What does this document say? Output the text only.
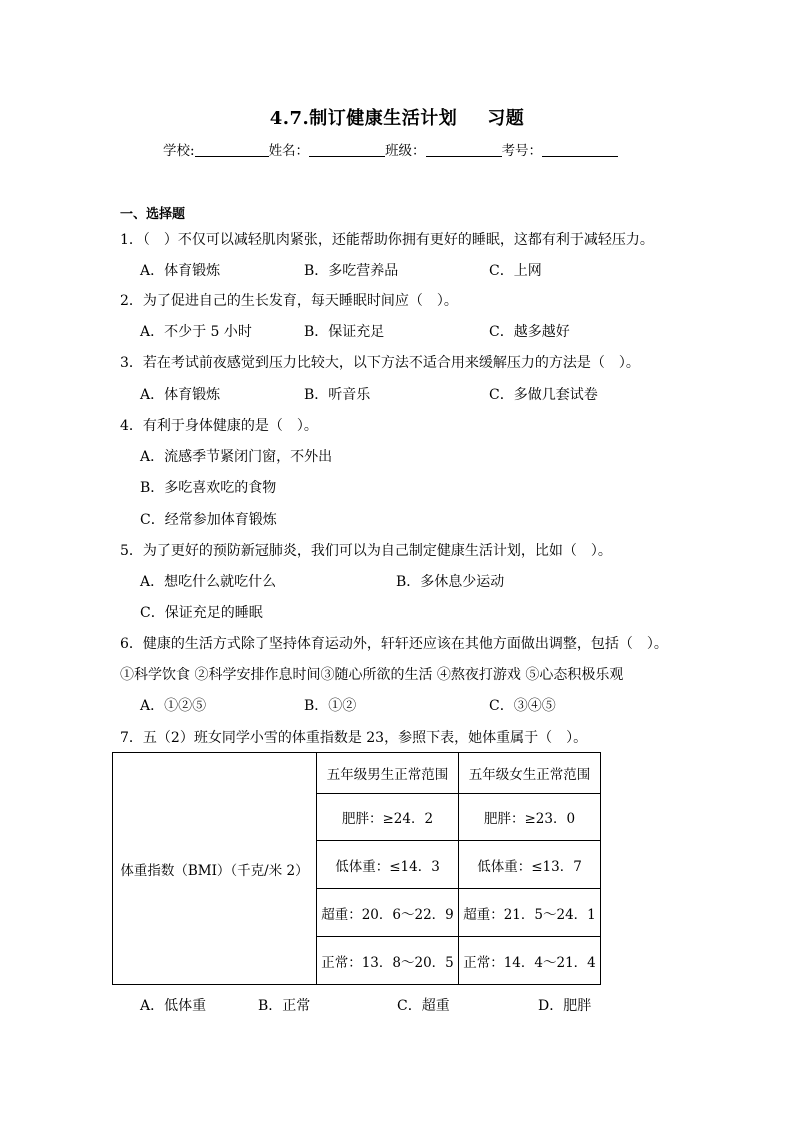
4.7.制订健康生活计划 习题
学校:	姓名：	班级：	考号：
一、选择题
1．（　）不仅可以减轻肌肉紧张，还能帮助你拥有更好的睡眠，这都有利于减轻压力。
A．体育锻炼	B．多吃营养品	C．上网
2．为了促进自己的生长发育，每天睡眠时间应（　）。
A．不少于 5 小时	B．保证充足	C．越多越好
3．若在考试前夜感觉到压力比较大，以下方法不适合用来缓解压力的方法是（　）。
A．体育锻炼	B．听音乐	C．多做几套试卷
4．有利于身体健康的是（　）。
A．流感季节紧闭门窗，不外出
B．多吃喜欢吃的食物
C．经常参加体育锻炼
5．为了更好的预防新冠肺炎，我们可以为自己制定健康生活计划，比如（　）。
A．想吃什么就吃什么	B．多休息少运动
C．保证充足的睡眠
6．健康的生活方式除了坚持体育运动外，轩轩还应该在其他方面做出调整，包括（　）。
①科学饮食 ②科学安排作息时间③随心所欲的生活 ④熬夜打游戏 ⑤心态积极乐观
A．①②⑤	B．①②	C．③④⑤
7．五（2）班女同学小雪的体重指数是 23，参照下表，她体重属于（　）。
体重指数（BMI）（千克/米 2）	五年级男生正常范围	五年级女生正常范围
	肥胖：≥24．2	肥胖：≥23．0
	低体重：≤14．3	低体重：≤13．7
	超重：20．6～22．9	超重：21．5～24．1
	正常：13．8～20．5	正常：14．4～21．4
A．低体重	B．正常	C．超重	D．肥胖
